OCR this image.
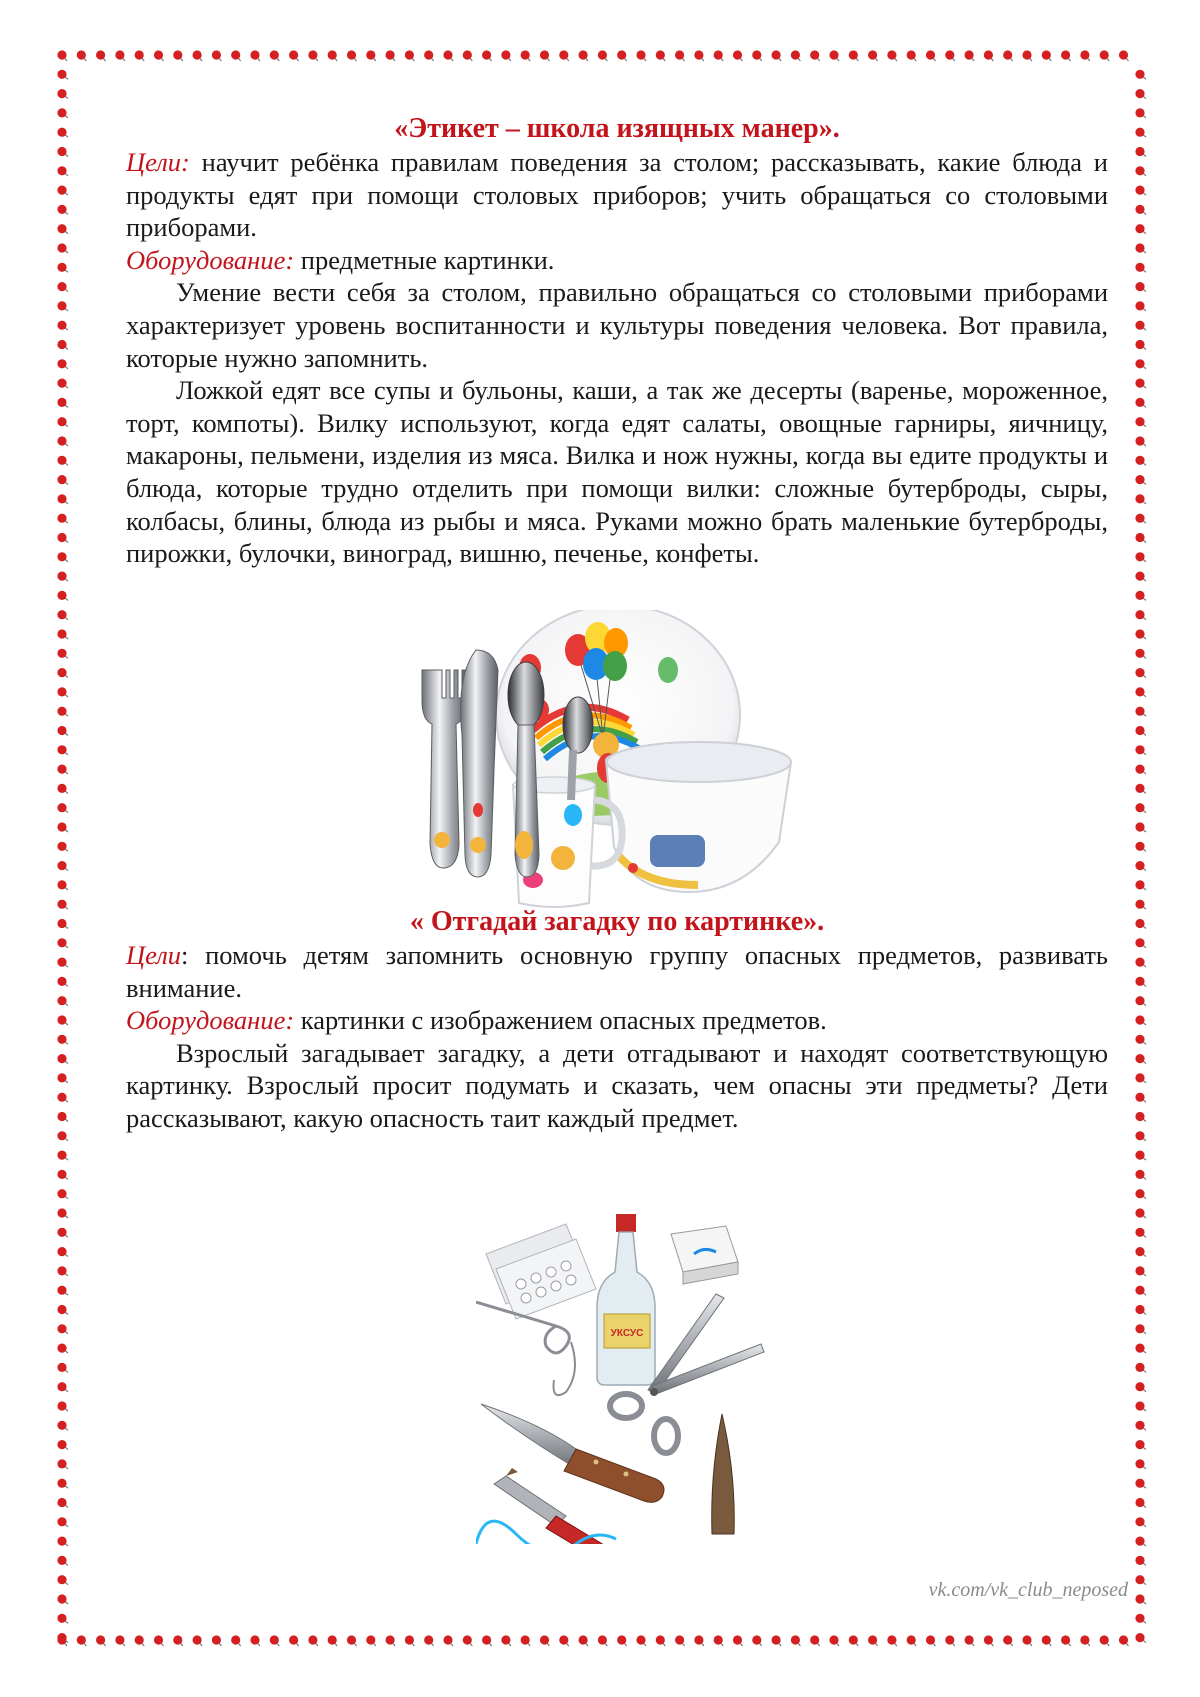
«Этикет – школа изящных манер».

Цели: научит ребёнка правилам поведения за столом; рассказывать, какие блюда и продукты едят при помощи столовых приборов; учить обращаться со столовыми приборами.

Оборудование: предметные картинки.

Умение вести себя за столом, правильно обращаться со столовыми приборами характеризует уровень воспитанности и культуры поведения человека. Вот правила, которые нужно запомнить.

Ложкой едят все супы и бульоны, каши, а так же десерты (варенье, мороженное, торт, компоты). Вилку используют, когда едят салаты, овощные гарниры, яичницу, макароны, пельмени, изделия из мяса. Вилка и нож нужны, когда вы едите продукты и блюда, которые трудно отделить при помощи вилки: сложные бутерброды, сыры, колбасы, блины, блюда из рыбы и мяса. Руками можно брать маленькие бутерброды, пирожки, булочки, виноград, вишню, печенье, конфеты.

« Отгадай загадку по картинке».

Цели: помочь детям запомнить основную группу опасных предметов, развивать внимание.

Оборудование: картинки с изображением опасных предметов.

Взрослый загадывает загадку, а дети отгадывают и находят соответствующую картинку. Взрослый просит подумать и сказать, чем опасны эти предметы? Дети рассказывают, какую опасность таит каждый предмет.

УКСУС
vk.com/vk_club_neposed
